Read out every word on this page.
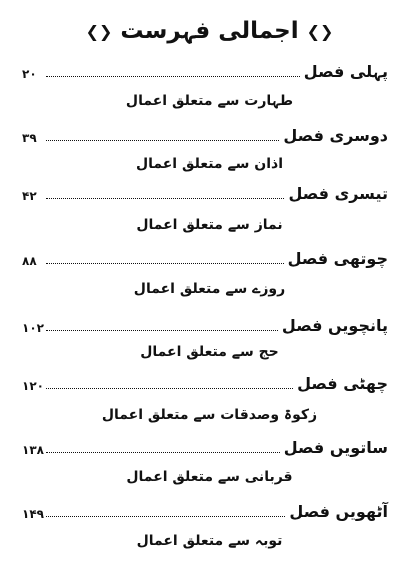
❮❯ اجمالی فہرست ❮❯
پہلی فصل
۲۰
طہارت سے متعلق اعمال
دوسری فصل
۳۹
اذان سے متعلق اعمال
تیسری فصل
۴۲
نماز سے متعلق اعمال
چوتھی فصل
۸۸
روزے سے متعلق اعمال
پانچویں فصل
۱۰۲
حج سے متعلق اعمال
چھٹی فصل
۱۲۰
زکوۃ وصدقات سے متعلق اعمال
ساتویں فصل
۱۳۸
قربانی سے متعلق اعمال
آٹھویں فصل
۱۴۹
توبہ سے متعلق اعمال
